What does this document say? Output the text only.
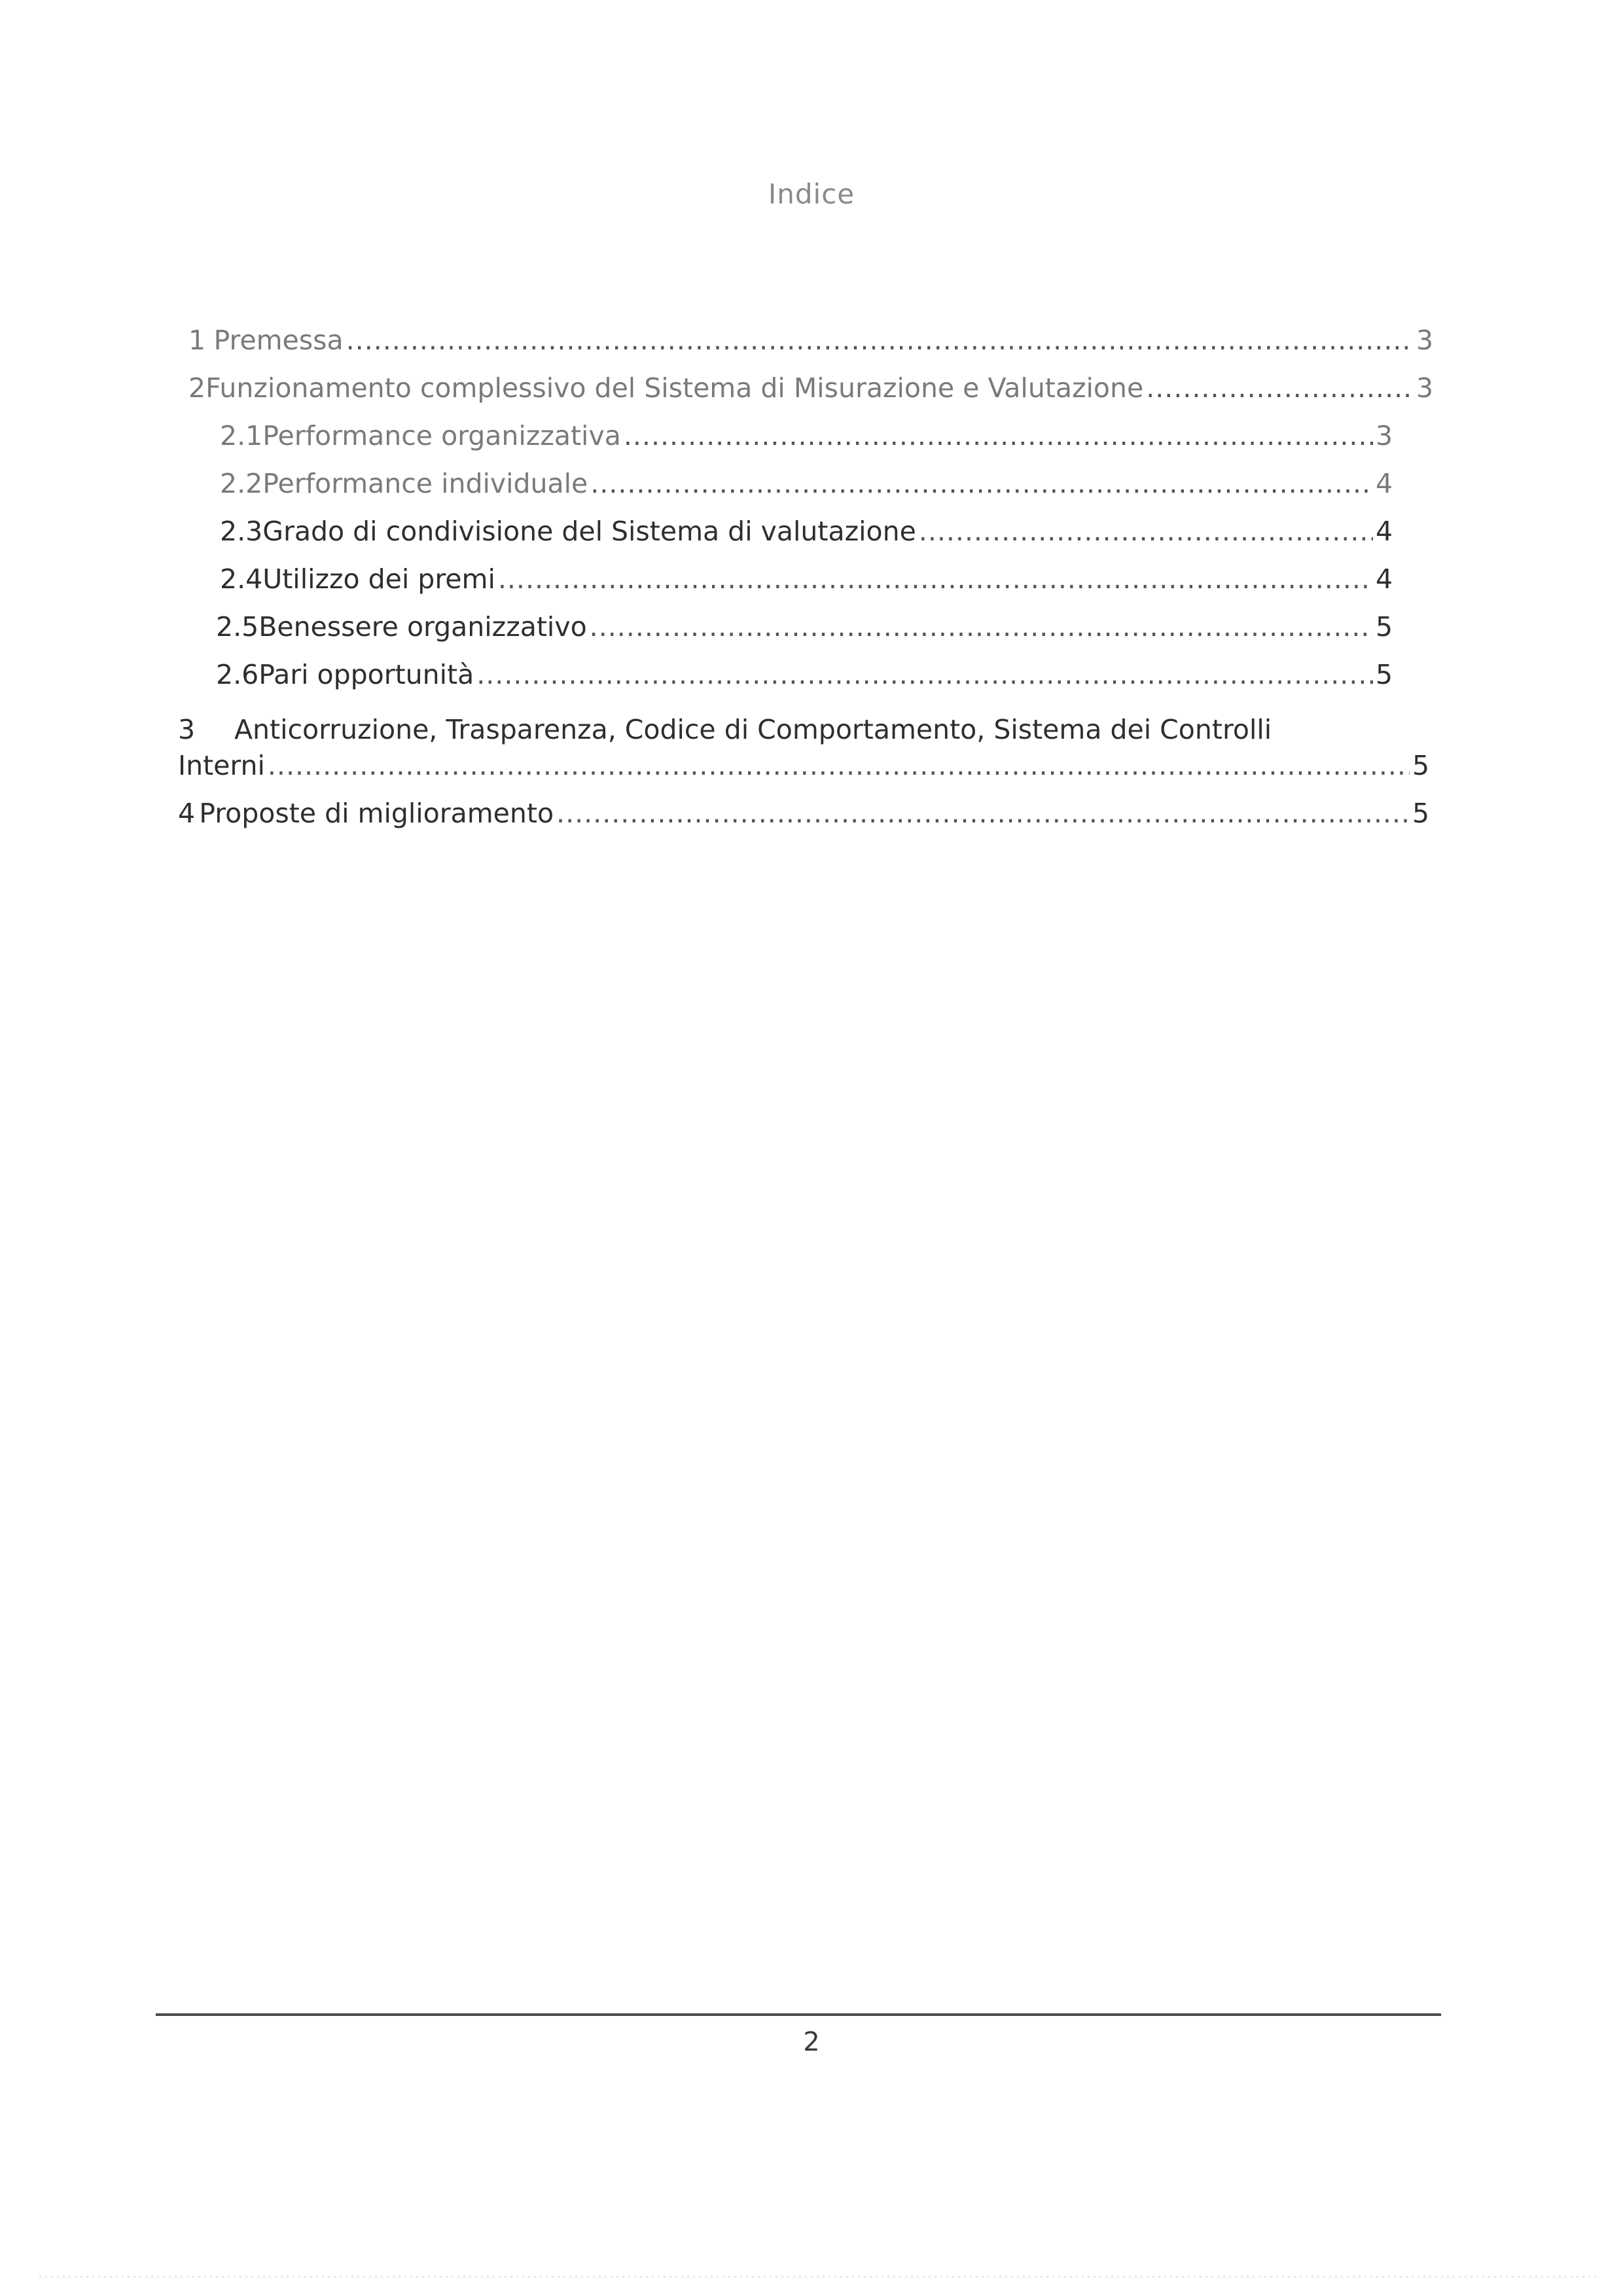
Indice
1 Premessa .....	3
2 Funzionamento complessivo del Sistema di Misurazione e Valutazione .....	3
2.1 Performance organizzativa .....	3
2.2 Performance individuale .....	4
2.3 Grado di condivisione del Sistema di valutazione .....	4
2.4 Utilizzo dei premi .....	4
2.5 Benessere organizzativo .....	5
2.6 Pari opportunità .....	5
3 Anticorruzione, Trasparenza, Codice di Comportamento, Sistema dei Controlli
Interni .....	5
4 Proposte di miglioramento .....	5
2
